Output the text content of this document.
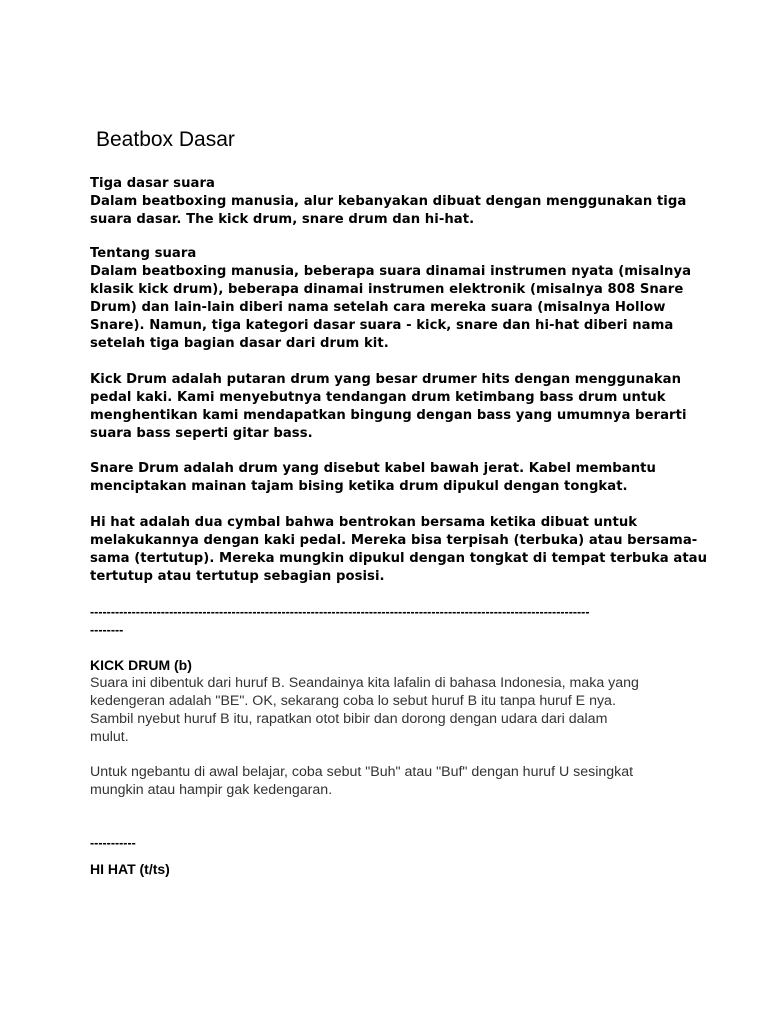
Beatbox Dasar
Tiga dasar suara
Dalam beatboxing manusia, alur kebanyakan dibuat dengan menggunakan tiga
suara dasar. The kick drum, snare drum dan hi-hat.
Tentang suara
Dalam beatboxing manusia, beberapa suara dinamai instrumen nyata (misalnya
klasik kick drum), beberapa dinamai instrumen elektronik (misalnya 808 Snare
Drum) dan lain-lain diberi nama setelah cara mereka suara (misalnya Hollow
Snare). Namun, tiga kategori dasar suara - kick, snare dan hi-hat diberi nama
setelah tiga bagian dasar dari drum kit.
Kick Drum adalah putaran drum yang besar drumer hits dengan menggunakan
pedal kaki. Kami menyebutnya tendangan drum ketimbang bass drum untuk
menghentikan kami mendapatkan bingung dengan bass yang umumnya berarti
suara bass seperti gitar bass.
Snare Drum adalah drum yang disebut kabel bawah jerat. Kabel membantu
menciptakan mainan tajam bising ketika drum dipukul dengan tongkat.
Hi hat adalah dua cymbal bahwa bentrokan bersama ketika dibuat untuk
melakukannya dengan kaki pedal. Mereka bisa terpisah (terbuka) atau bersama-
sama (tertutup). Mereka mungkin dipukul dengan tongkat di tempat terbuka atau
tertutup atau tertutup sebagian posisi.
------------------------------------------------------------------------------------------------------------------------
--------
KICK DRUM (b)
Suara ini dibentuk dari huruf B. Seandainya kita lafalin di bahasa Indonesia, maka yang
kedengeran adalah "BE". OK, sekarang coba lo sebut huruf B itu tanpa huruf E nya.
Sambil nyebut huruf B itu, rapatkan otot bibir dan dorong dengan udara dari dalam
mulut.
Untuk ngebantu di awal belajar, coba sebut "Buh" atau "Buf" dengan huruf U sesingkat
mungkin atau hampir gak kedengaran.
-----------
HI HAT (t/ts)
